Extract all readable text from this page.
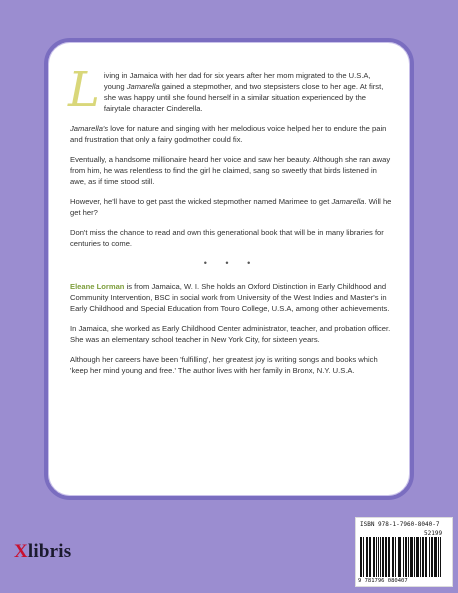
Living in Jamaica with her dad for six years after her mom migrated to the U.S.A, young Jamarella gained a stepmother, and two stepsisters close to her age. At first, she was happy until she found herself in a similar situation experienced by the fairytale character Cinderella.

Jamarella's love for nature and singing with her melodious voice helped her to endure the pain and frustration that only a fairy godmother could fix.

Eventually, a handsome millionaire heard her voice and saw her beauty. Although she ran away from him, he was relentless to find the girl he claimed, sang so sweetly that birds listened in awe, as if time stood still.

However, he'll have to get past the wicked stepmother named Marimee to get Jamarella. Will he get her?

Don't miss the chance to read and own this generational book that will be in many libraries for centuries to come.

• • •

Eleane Lorman is from Jamaica, W. I. She holds an Oxford Distinction in Early Childhood and Community Intervention, BSC in social work from University of the West Indies and Master's in Early Childhood and Special Education from Touro College, U.S.A, among other achievements.

In Jamaica, she worked as Early Childhood Center administrator, teacher, and probation officer. She was an elementary school teacher in New York City, for sixteen years.

Although her careers have been 'fulfilling', her greatest joy is writing songs and books which 'keep her mind young and free.' The author lives with her family in Bronx, N.Y. U.S.A.

Xlibris
ISBN 978-1-7960-8040-7
52199
9 781796 080407
